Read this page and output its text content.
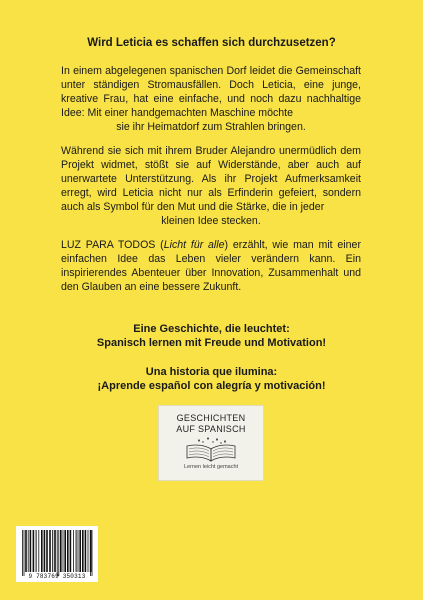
Wird Leticia es schaffen sich durchzusetzen?

In einem abgelegenen spanischen Dorf leidet die Gemeinschaft unter ständigen Stromausfällen. Doch Leticia, eine junge, kreative Frau, hat eine einfache, und noch dazu nachhaltige Idee: Mit einer handgemachten Maschine möchte
sie ihr Heimatdorf zum Strahlen bringen.

Während sie sich mit ihrem Bruder Alejandro unermüdlich dem Projekt widmet, stößt sie auf Widerstände, aber auch auf unerwartete Unterstützung. Als ihr Projekt Aufmerksamkeit erregt, wird Leticia nicht nur als Erfinderin gefeiert, sondern auch als Symbol für den Mut und die Stärke, die in jeder
kleinen Idee stecken.

LUZ PARA TODOS (Licht für alle) erzählt, wie man mit einer einfachen Idee das Leben vieler verändern kann. Ein inspirierendes Abenteuer über Innovation, Zusammenhalt und den Glauben an eine bessere Zukunft.

Eine Geschichte, die leuchtet:

Spanisch lernen mit Freude und Motivation!

Una historia que ilumina:

¡Aprende español con alegría y motivación!

GESCHICHTEN
AUF SPANISCH
Lernen leicht gemacht
9 783769 350313
